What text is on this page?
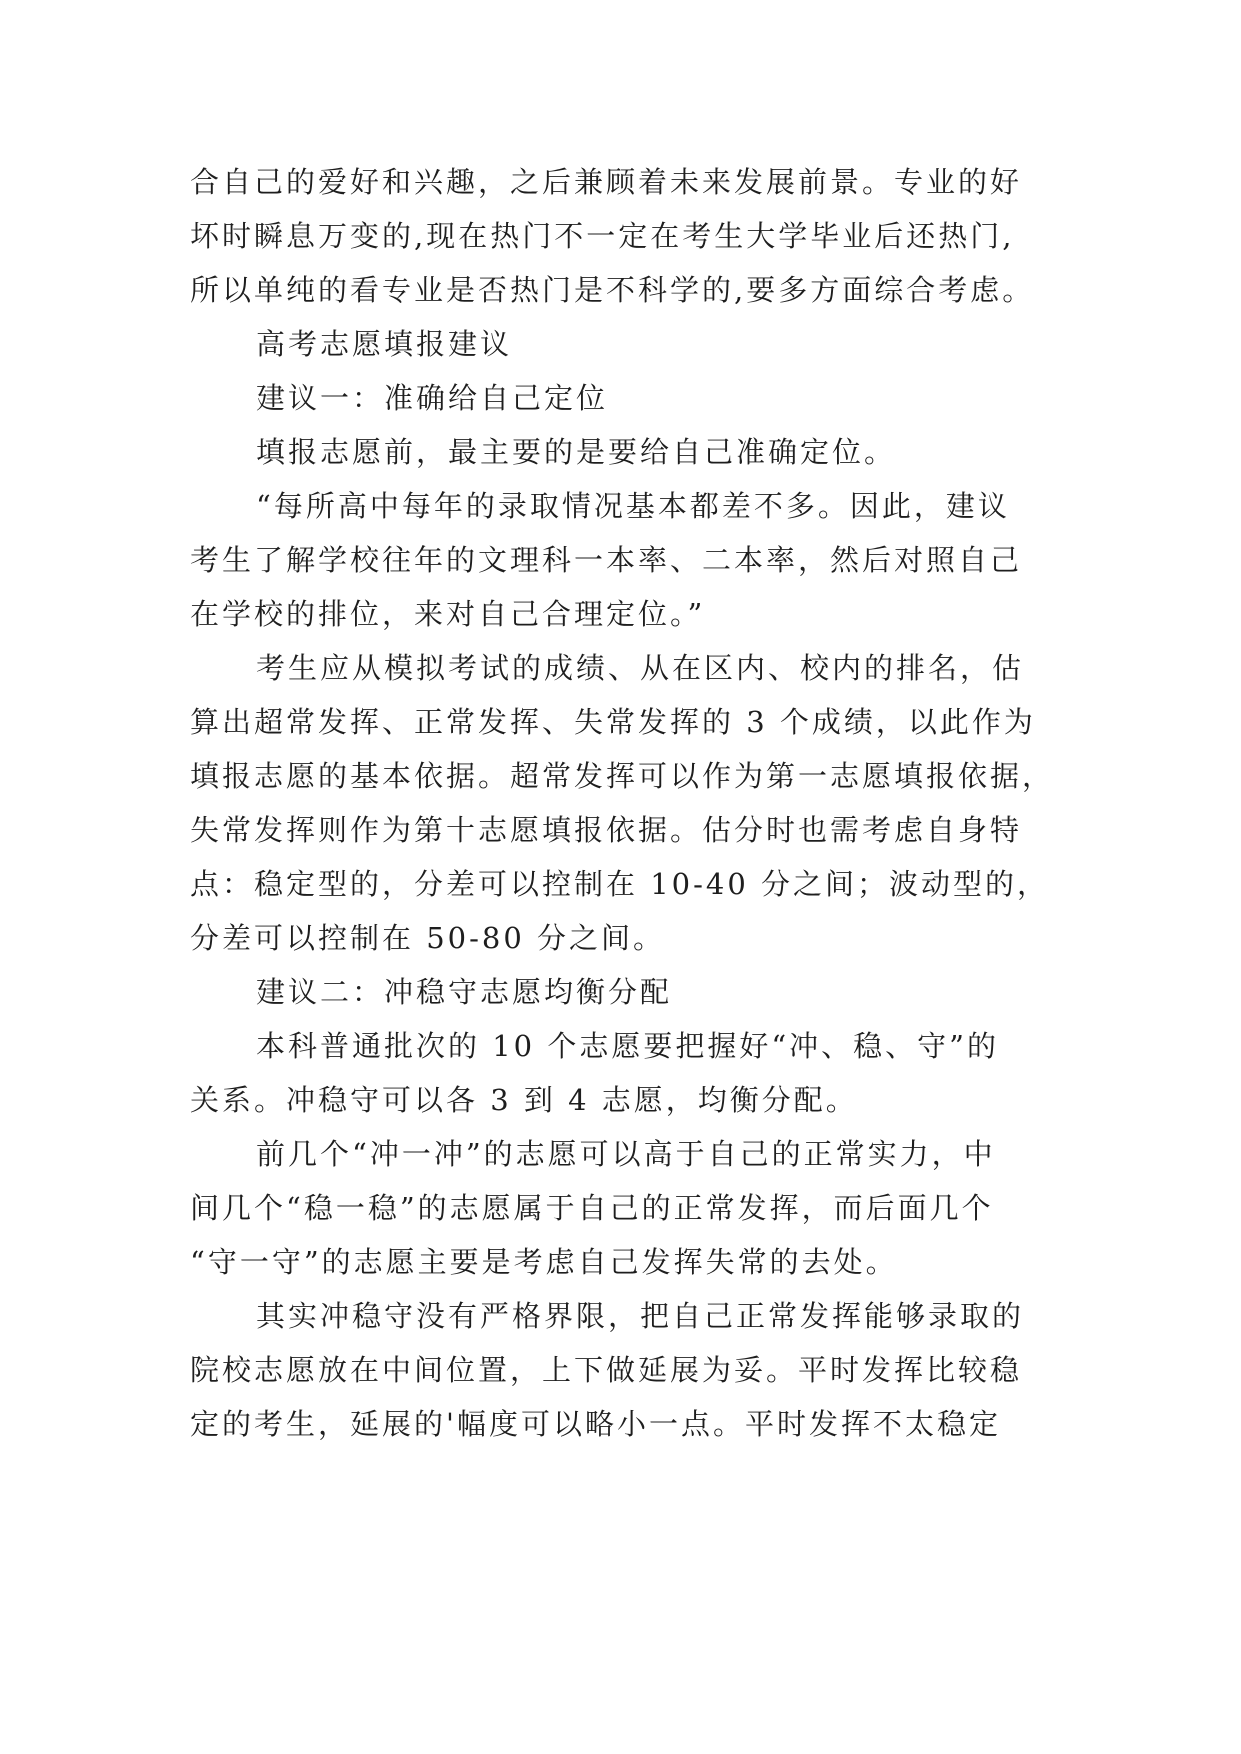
合自己的爱好和兴趣，之后兼顾着未来发展前景。专业的好
坏时瞬息万变的,现在热门不一定在考生大学毕业后还热门,
所以单纯的看专业是否热门是不科学的,要多方面综合考虑。
高考志愿填报建议
建议一：准确给自己定位
填报志愿前，最主要的是要给自己准确定位。
“每所高中每年的录取情况基本都差不多。因此，建议
考生了解学校往年的文理科一本率、二本率，然后对照自己
在学校的排位，来对自己合理定位。”
考生应从模拟考试的成绩、从在区内、校内的排名，估
算出超常发挥、正常发挥、失常发挥的 3 个成绩，以此作为
填报志愿的基本依据。超常发挥可以作为第一志愿填报依据，
失常发挥则作为第十志愿填报依据。估分时也需考虑自身特
点：稳定型的，分差可以控制在 10-40 分之间；波动型的，
分差可以控制在 50-80 分之间。
建议二：冲稳守志愿均衡分配
本科普通批次的 10 个志愿要把握好“冲、稳、守”的
关系。冲稳守可以各 3 到 4 志愿，均衡分配。
前几个“冲一冲”的志愿可以高于自己的正常实力，中
间几个“稳一稳”的志愿属于自己的正常发挥，而后面几个
“守一守”的志愿主要是考虑自己发挥失常的去处。
其实冲稳守没有严格界限，把自己正常发挥能够录取的
院校志愿放在中间位置，上下做延展为妥。平时发挥比较稳
定的考生，延展的'幅度可以略小一点。平时发挥不太稳定
